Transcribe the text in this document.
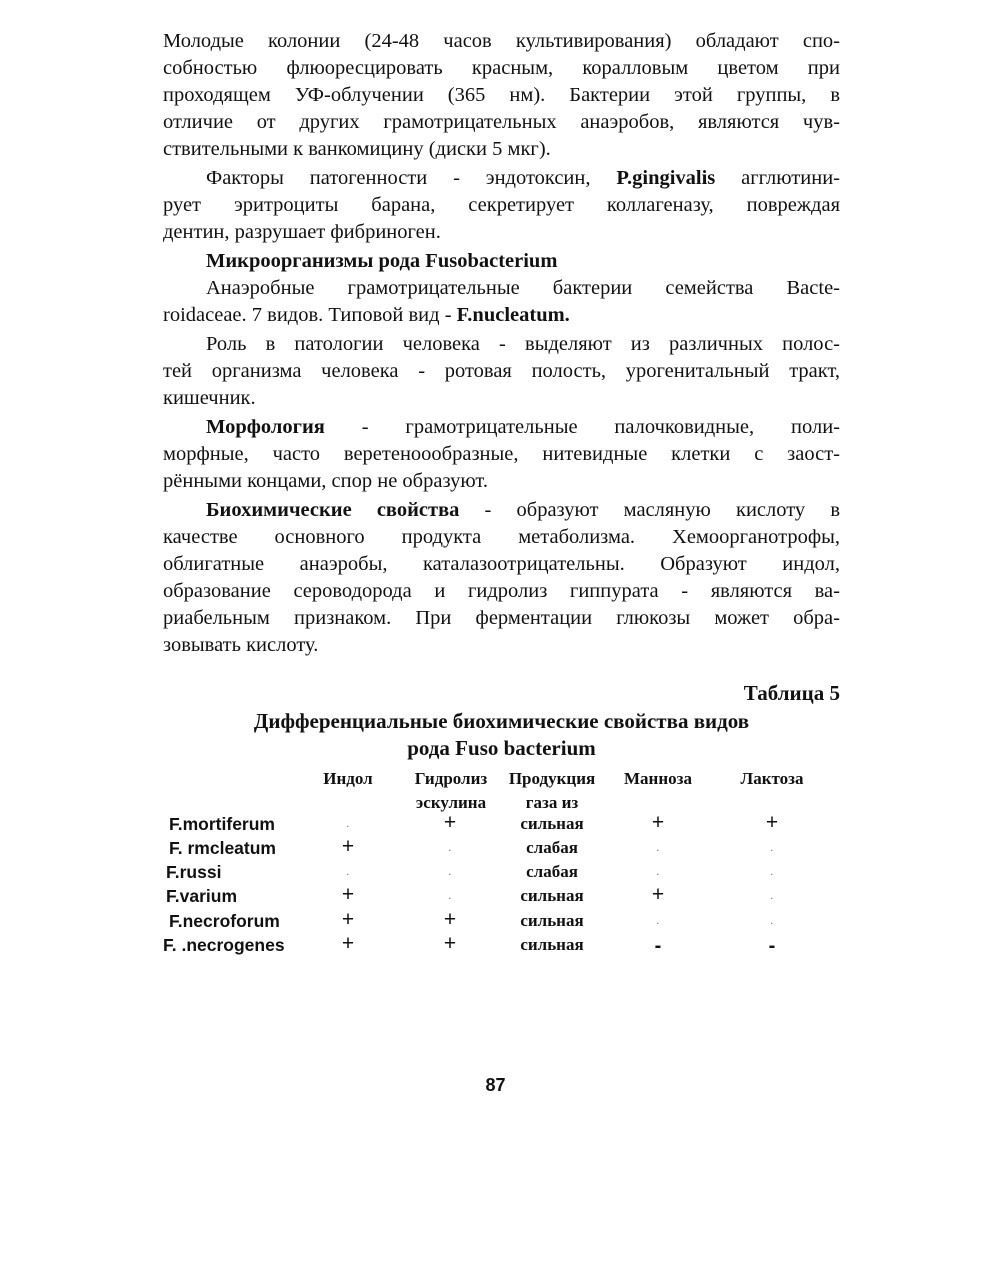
Молодые колонии (24-48 часов культивирования) обладают спо-
собностью флюоресцировать красным, коралловым цветом при
проходящем УФ-облучении (365 нм). Бактерии этой группы, в
отличие от других грамотрицательных анаэробов, являются чув-
ствительными к ванкомицину (диски 5 мкг).
Факторы патогенности - эндотоксин, P.gingivalis агглютини-
рует эритроциты барана, секретирует коллагеназу, повреждая
дентин, разрушает фибриноген.
Микроорганизмы рода Fusobacterium
Анаэробные грамотрицательные бактерии семейства Bacte-
roidaceae. 7 видов. Типовой вид - F.nucleatum.
Роль в патологии человека - выделяют из различных полос-
тей организма человека - ротовая полость, урогенитальный тракт,
кишечник.
Морфология - грамотрицательные палочковидные, поли-
морфные, часто веретеноообразные, нитевидные клетки с заост-
рёнными концами, спор не образуют.
Биохимические свойства - образуют масляную кислоту в
качестве основного продукта метаболизма. Хемоорганотрофы,
облигатные анаэробы, каталазоотрицательны. Образуют индол,
образование сероводорода и гидролиз гиппурата - являются ва-
риабельным признаком. При ферментации глюкозы может обра-
зовывать кислоту.
Таблица 5
Дифференциальные биохимические свойства видов
рода Fuso bacterium
Индол	Гидролиз
эскулина
Продукция
газа из
Манноза	Лактоза
F.mortiferum	·	+	сильная	+	+
F. rmcleatum	+	·	слабая	·	·
F.russi	·	·	слабая	·	·
F.varium	+	·	сильная	+	·
F.necroforum	+	+	сильная	·	·
F. .necrogenes	+	+	сильная	-	-
87
